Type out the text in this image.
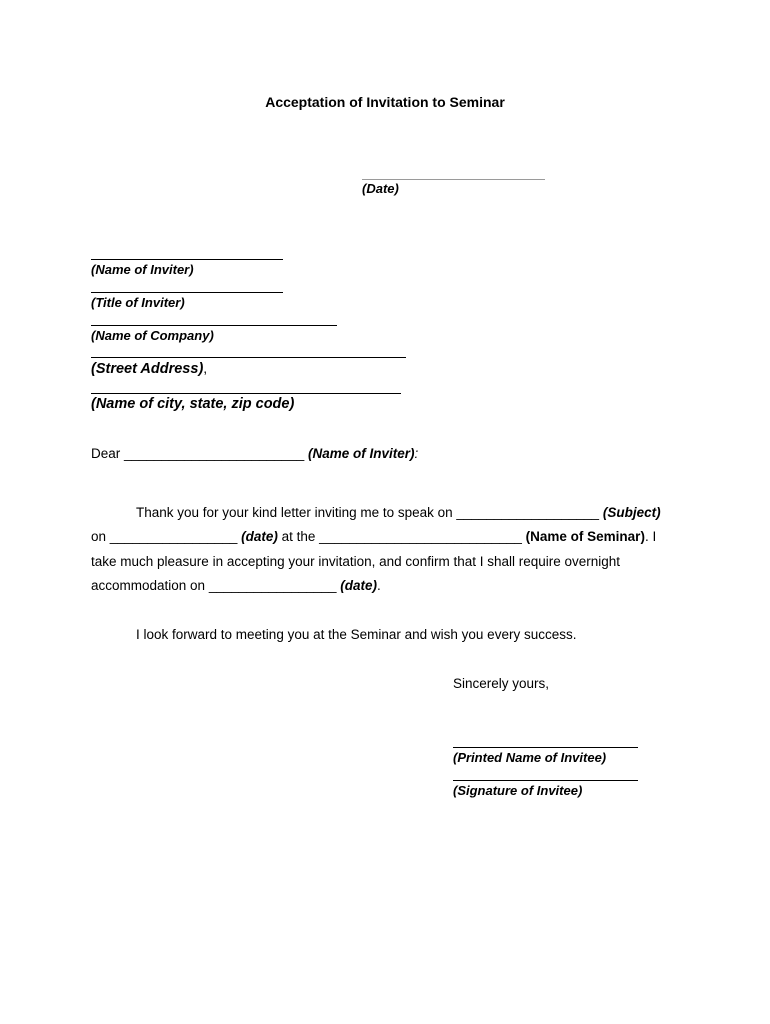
Acceptation of Invitation to Seminar
(Date)
(Name of Inviter)
(Title of Inviter)
(Name of Company)
(Street Address),
(Name of city, state, zip code)
Dear ________________________ (Name of Inviter):
Thank you for your kind letter inviting me to speak on ___________________ (Subject)
on _________________ (date) at the ___________________________ (Name of Seminar). I
take much pleasure in accepting your invitation, and confirm that I shall require overnight
accommodation on _________________ (date).
I look forward to meeting you at the Seminar and wish you every success.
Sincerely yours,
(Printed Name of Invitee)
(Signature of Invitee)
